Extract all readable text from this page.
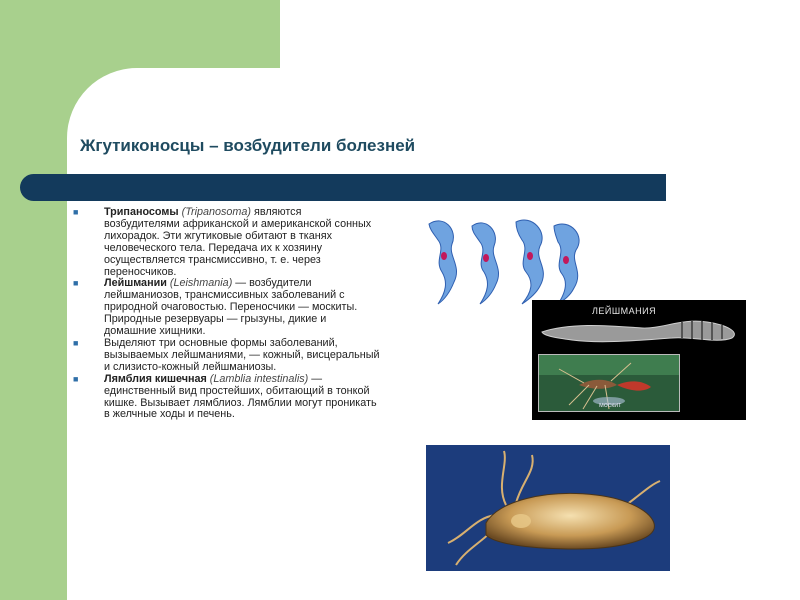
Жгутиконосцы – возбудители болезней

■ Трипаносомы (Tripanosoma) являются возбудителями африканской и американской сонных лихорадок. Эти жгутиковые обитают в тканях человеческого тела. Передача их к хозяину осуществляется трансмиссивно, т. е. через переносчиков.

■ Лейшмании (Leishmania) — возбудители лейшманиозов, трансмиссивных заболеваний с природной очаговостью. Переносчики — москиты. Природные резервуары — грызуны, дикие и домашние хищники.

■ Выделяют три основные формы заболеваний, вызываемых лейшманиями, — кожный, висцеральный и слизисто-кожный лейшманиозы.

■ Лямблия кишечная (Lamblia intestinalis) — единственный вид простейших, обитающий в тонкой кишке. Вызывает лямблиоз. Лямблии могут проникать в желчные ходы и печень.

ЛЕЙШМАНИЯ
москит
